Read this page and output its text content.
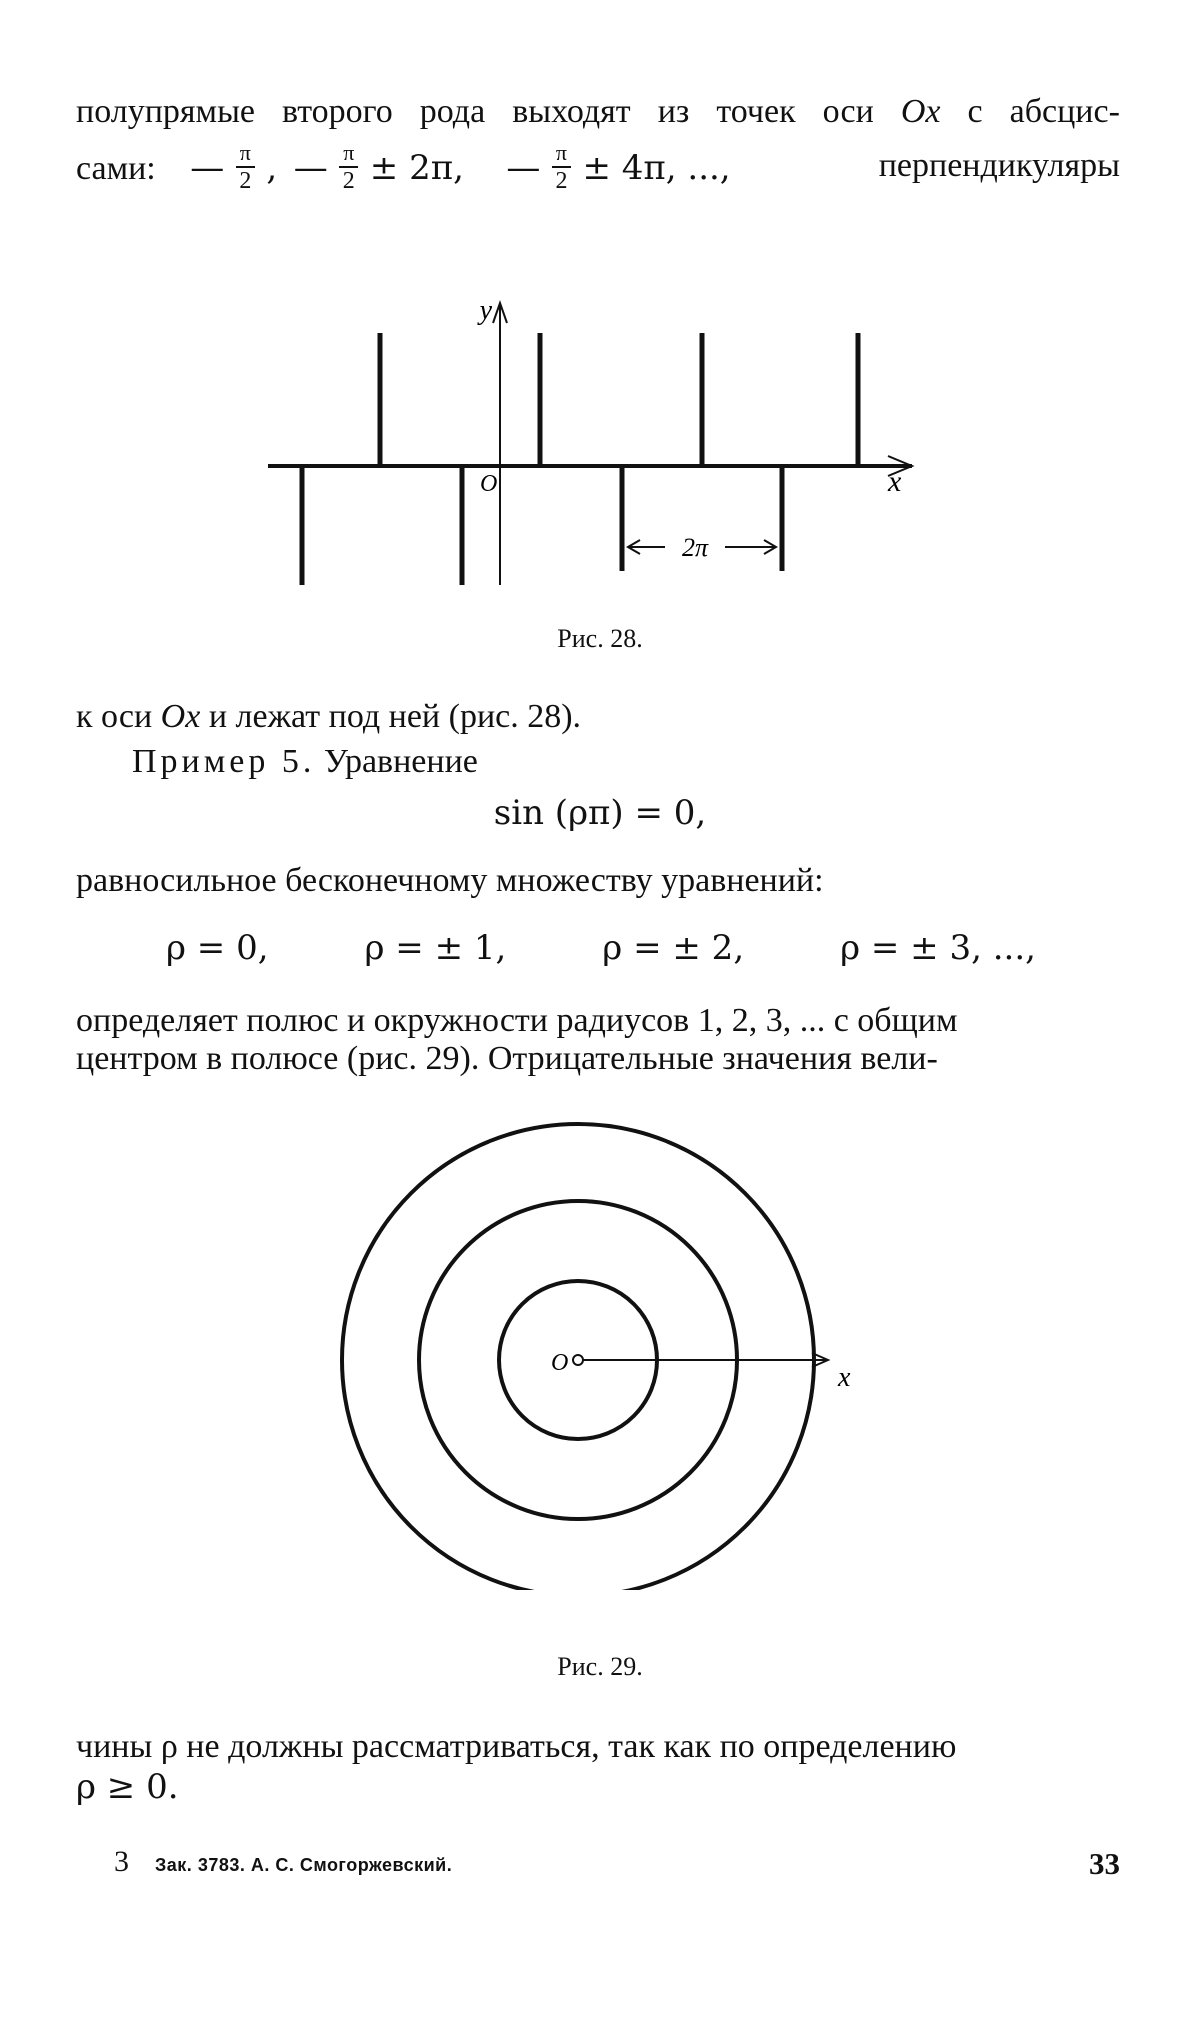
полупрямые второго рода выходят из точек оси Ox с абсцис-
сами: — $\frac{\pi}{2}$ , — $\frac{\pi}{2} \pm 2\pi$, — $\frac{\pi}{2} \pm 4\pi$, ...,	перпендикуляры
y
x
O
2π
Рис. 28.
к оси Ox и лежат под ней (рис. 28).
Пример 5. Уравнение
sin (ρπ) = 0,
равносильное бесконечному множеству уравнений:
ρ = 0,	ρ = ± 1,	ρ = ± 2,	ρ = ± 3, ...,
определяет полюс и окружности радиусов 1, 2, 3, ... с общим
центром в полюсе (рис. 29). Отрицательные значения вели-
O	x
Рис. 29.
чины ρ не должны рассматриваться, так как по определению
ρ ≥ 0.
3 Зак. 3783. А. С. Смогоржевский.	33
